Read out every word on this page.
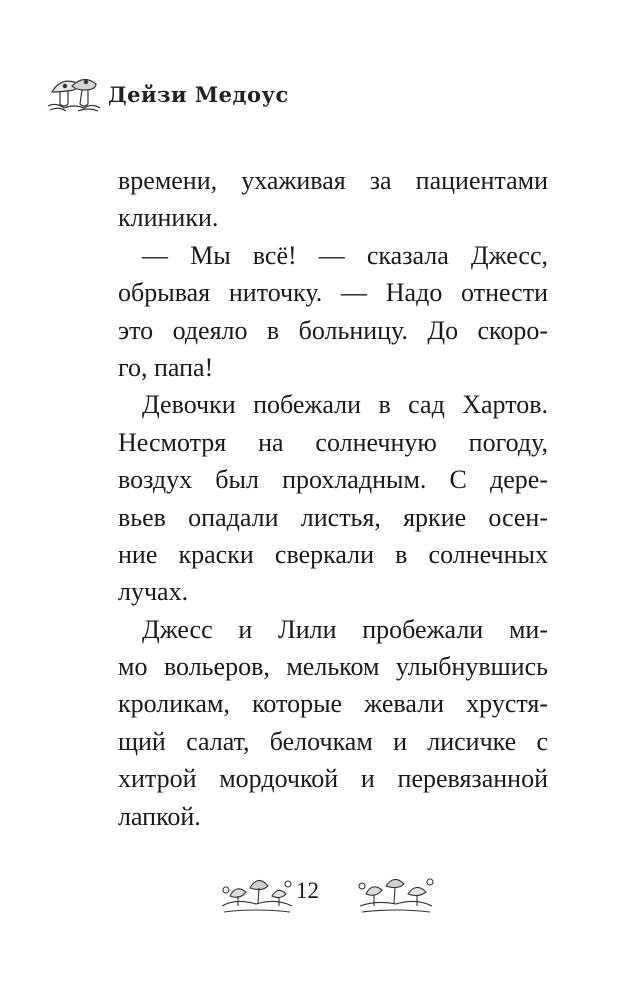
Дейзи Медоус
времени, ухаживая за пациентами
клиники.
— Мы всё! — сказала Джесс,
обрывая ниточку. — Надо отнести
это одеяло в больницу. До скоро-
го, папа!
Девочки побежали в сад Хартов.
Несмотря на солнечную погоду,
воздух был прохладным. С дере-
вьев опадали листья, яркие осен-
ние краски сверкали в солнечных
лучах.
Джесс и Лили пробежали ми-
мо вольеров, мельком улыбнувшись
кроликам, которые жевали хрустя-
щий салат, белочкам и лисичке с
хитрой мордочкой и перевязанной
лапкой.
12
